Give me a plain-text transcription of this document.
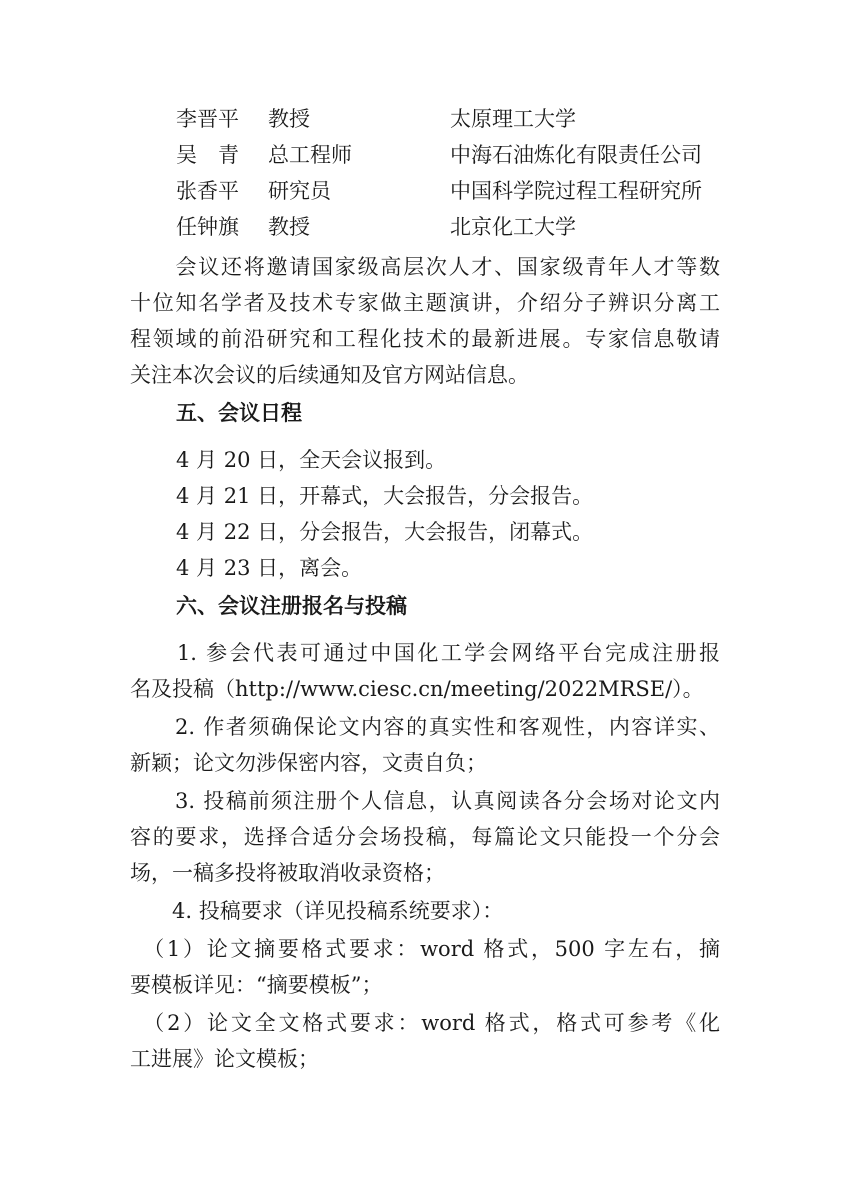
李晋平 教授	太原理工大学
吴　青 总工程师	中海石油炼化有限责任公司
张香平 研究员	中国科学院过程工程研究所
任钟旗 教授	北京化工大学
　　会议还将邀请国家级高层次人才、国家级青年人才等数
十位知名学者及技术专家做主题演讲，介绍分子辨识分离工
程领域的前沿研究和工程化技术的最新进展。专家信息敬请
关注本次会议的后续通知及官方网站信息。
五、会议日程
4 月 20 日，全天会议报到。
4 月 21 日，开幕式，大会报告，分会报告。
4 月 22 日，分会报告，大会报告，闭幕式。
4 月 23 日，离会。
六、会议注册报名与投稿
　　1. 参会代表可通过中国化工学会网络平台完成注册报
名及投稿（http://www.ciesc.cn/meeting/2022MRSE/）。
　　2. 作者须确保论文内容的真实性和客观性，内容详实、
新颖；论文勿涉保密内容，文责自负；
　　3. 投稿前须注册个人信息，认真阅读各分会场对论文内
容的要求，选择合适分会场投稿，每篇论文只能投一个分会
场，一稿多投将被取消收录资格；
　　4. 投稿要求（详见投稿系统要求）：
　（1）论文摘要格式要求：word 格式，500 字左右，摘
要模板详见：“摘要模板”；
　（2）论文全文格式要求：word 格式，格式可参考《化
工进展》论文模板；
